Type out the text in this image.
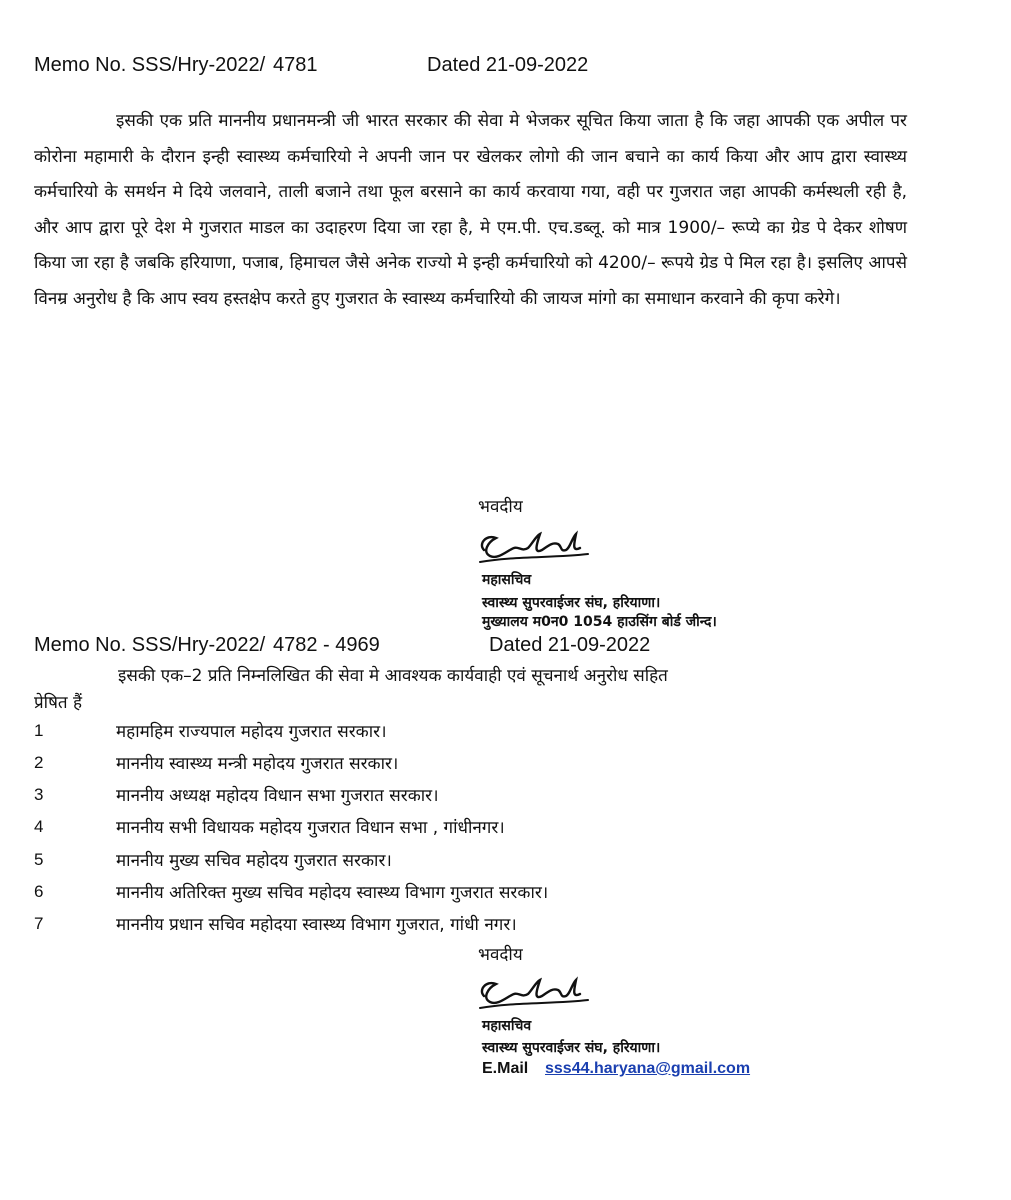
Memo No. SSS/Hry-2022/ 4781	Dated 21-09-2022
इसकी एक प्रति माननीय प्रधानमन्त्री जी भारत सरकार की सेवा मे भेजकर सूचित किया जाता है कि जहा आपकी एक अपील पर कोरोना महामारी के दौरान इन्ही स्वास्थ्य कर्मचारियो ने अपनी जान पर खेलकर लोगो की जान बचाने का कार्य किया और आप द्वारा स्वास्थ्य कर्मचारियो के समर्थन मे दिये जलवाने, ताली बजाने तथा फूल बरसाने का कार्य करवाया गया, वही पर गुजरात जहा आपकी कर्मस्थली रही है, और आप द्वारा पूरे देश मे गुजरात माडल का उदाहरण दिया जा रहा है, मे एम.पी. एच.डब्लू. को मात्र 1900/– रूप्ये का ग्रेड पे देकर शोषण किया जा रहा है जबकि हरियाणा, पजाब, हिमाचल जैसे अनेक राज्यो मे इन्ही कर्मचारियो को 4200/– रूपये ग्रेड पे मिल रहा है। इसलिए आपसे विनम्र अनुरोध है कि आप स्वय हस्तक्षेप करते हुए गुजरात के स्वास्थ्य कर्मचारियो की जायज मांगो का समाधान करवाने की कृपा करेगे।
भवदीय
महासचिव
स्वास्थ्य सुपरवाईजर संघ, हरियाणा।
मुख्यालय म0न0 1054 हाउसिंग बोर्ड जीन्द।
Memo No. SSS/Hry-2022/ 4782 - 4969	Dated 21-09-2022
इसकी एक–2 प्रति निम्नलिखित की सेवा मे आवश्यक कार्यवाही एवं सूचनार्थ अनुरोध सहित
प्रेषित हैं
1	महामहिम राज्यपाल महोदय गुजरात सरकार।
2	माननीय स्वास्थ्य मन्त्री महोदय गुजरात सरकार।
3	माननीय अध्यक्ष महोदय विधान सभा गुजरात सरकार।
4	माननीय सभी विधायक महोदय गुजरात विधान सभा , गांधीनगर।
5	माननीय मुख्य सचिव महोदय गुजरात सरकार।
6	माननीय अतिरिक्त मुख्य सचिव महोदय स्वास्थ्य विभाग गुजरात सरकार।
7	माननीय प्रधान सचिव महोदया स्वास्थ्य विभाग गुजरात, गांधी नगर।
भवदीय
महासचिव
स्वास्थ्य सुपरवाईजर संघ, हरियाणा।
E.Mail sss44.haryana@gmail.com
